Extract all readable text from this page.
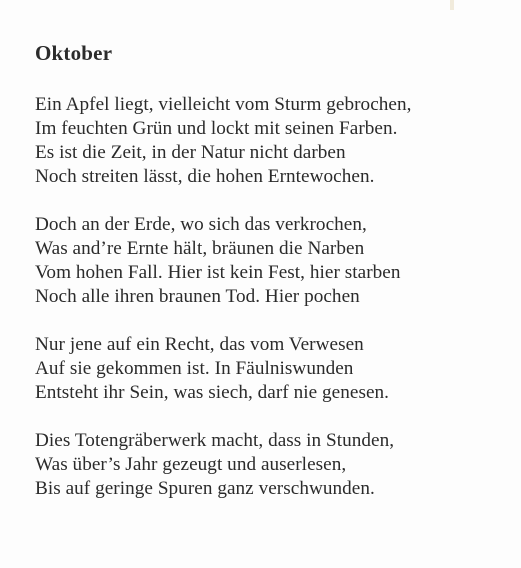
Oktober
Ein Apfel liegt, vielleicht vom Sturm gebrochen,
Im feuchten Grün und lockt mit seinen Farben.
Es ist die Zeit, in der Natur nicht darben
Noch streiten lässt, die hohen Erntewochen.
Doch an der Erde, wo sich das verkrochen,
Was and’re Ernte hält, bräunen die Narben
Vom hohen Fall. Hier ist kein Fest, hier starben
Noch alle ihren braunen Tod. Hier pochen
Nur jene auf ein Recht, das vom Verwesen
Auf sie gekommen ist. In Fäulniswunden
Entsteht ihr Sein, was siech, darf nie genesen.
Dies Totengräberwerk macht, dass in Stunden,
Was über’s Jahr gezeugt und auserlesen,
Bis auf geringe Spuren ganz verschwunden.
